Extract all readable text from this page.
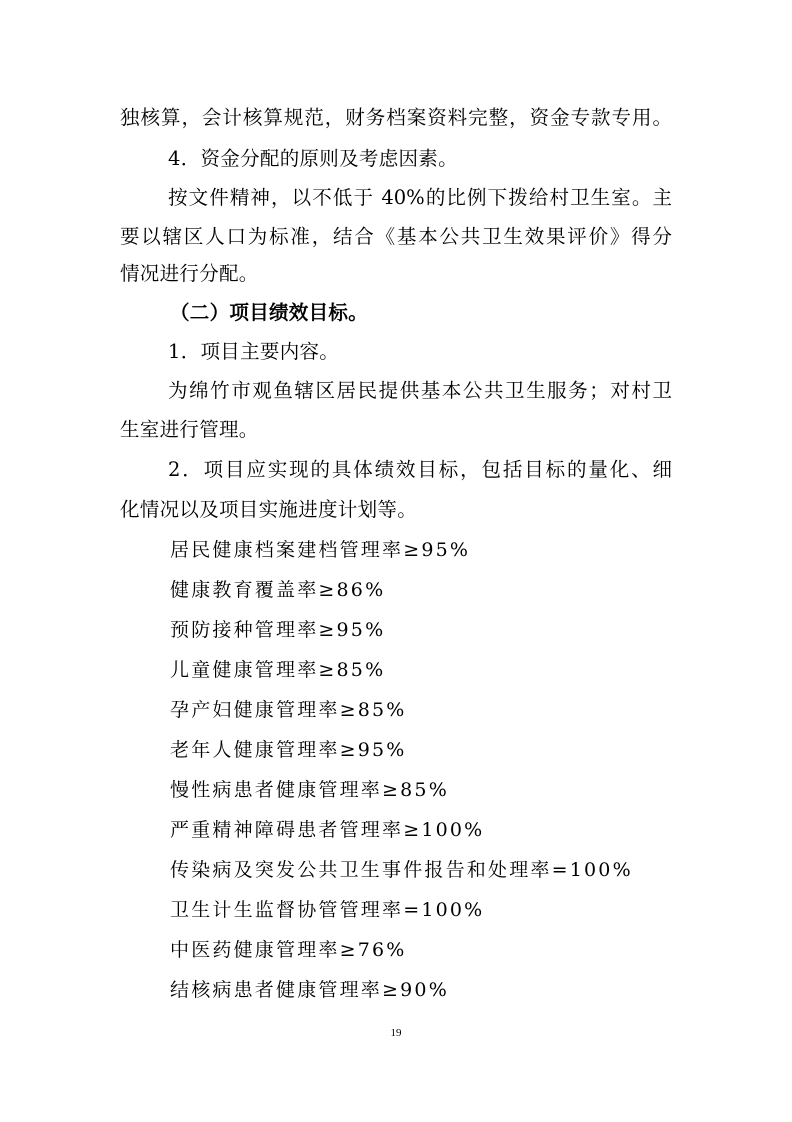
独核算，会计核算规范，财务档案资料完整，资金专款专用。
4．资金分配的原则及考虑因素。
按文件精神，以不低于 40%的比例下拨给村卫生室。主
要以辖区人口为标准，结合《基本公共卫生效果评价》得分
情况进行分配。
（二）项目绩效目标。
1．项目主要内容。
为绵竹市观鱼辖区居民提供基本公共卫生服务；对村卫
生室进行管理。
2．项目应实现的具体绩效目标，包括目标的量化、细
化情况以及项目实施进度计划等。
居民健康档案建档管理率≥95%
健康教育覆盖率≥86%
预防接种管理率≥95%
儿童健康管理率≥85%
孕产妇健康管理率≥85%
老年人健康管理率≥95%
慢性病患者健康管理率≥85%
严重精神障碍患者管理率≥100%
传染病及突发公共卫生事件报告和处理率=100%
卫生计生监督协管管理率=100%
中医药健康管理率≥76%
结核病患者健康管理率≥90%
19
